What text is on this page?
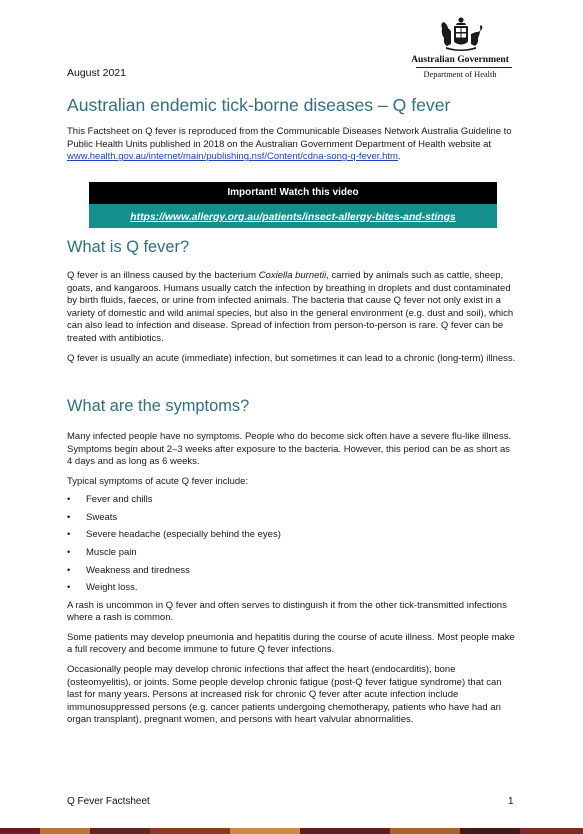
Australian Government
Department of Health
August 2021
Australian endemic tick-borne diseases – Q fever

This Factsheet on Q fever is reproduced from the Communicable Diseases Network Australia Guideline to Public Health Units published in 2018 on the Australian Government Department of Health website at www.health.gov.au/internet/main/publishing.nsf/Content/cdna-song-q-fever.htm.

Important! Watch this video
https://www.allergy.org.au/patients/insect-allergy-bites-and-stings
What is Q fever?

Q fever is an illness caused by the bacterium Coxiella burnetii, carried by animals such as cattle, sheep, goats, and kangaroos. Humans usually catch the infection by breathing in droplets and dust contaminated by birth fluids, faeces, or urine from infected animals. The bacteria that cause Q fever not only exist in a variety of domestic and wild animal species, but also in the general environment (e.g. dust and soil), which can also lead to infection and disease. Spread of infection from person-to-person is rare. Q fever can be treated with antibiotics.

Q fever is usually an acute (immediate) infection, but sometimes it can lead to a chronic (long-term) illness.

What are the symptoms?

Many infected people have no symptoms. People who do become sick often have a severe flu-like illness. Symptoms begin about 2–3 weeks after exposure to the bacteria. However, this period can be as short as 4 days and as long as 6 weeks.

Typical symptoms of acute Q fever include:

• Fever and chills
• Sweats
• Severe headache (especially behind the eyes)
• Muscle pain
• Weakness and tiredness
• Weight loss.

A rash is uncommon in Q fever and often serves to distinguish it from the other tick-transmitted infections where a rash is common.

Some patients may develop pneumonia and hepatitis during the course of acute illness. Most people make a full recovery and become immune to future Q fever infections.

Occasionally people may develop chronic infections that affect the heart (endocarditis), bone (osteomyelitis), or joints. Some people develop chronic fatigue (post-Q fever fatigue syndrome) that can last for many years. Persons at increased risk for chronic Q fever after acute infection include immunosuppressed persons (e.g. cancer patients undergoing chemotherapy, patients who have had an organ transplant), pregnant women, and persons with heart valvular abnormalities.

Q Fever Factsheet	1
